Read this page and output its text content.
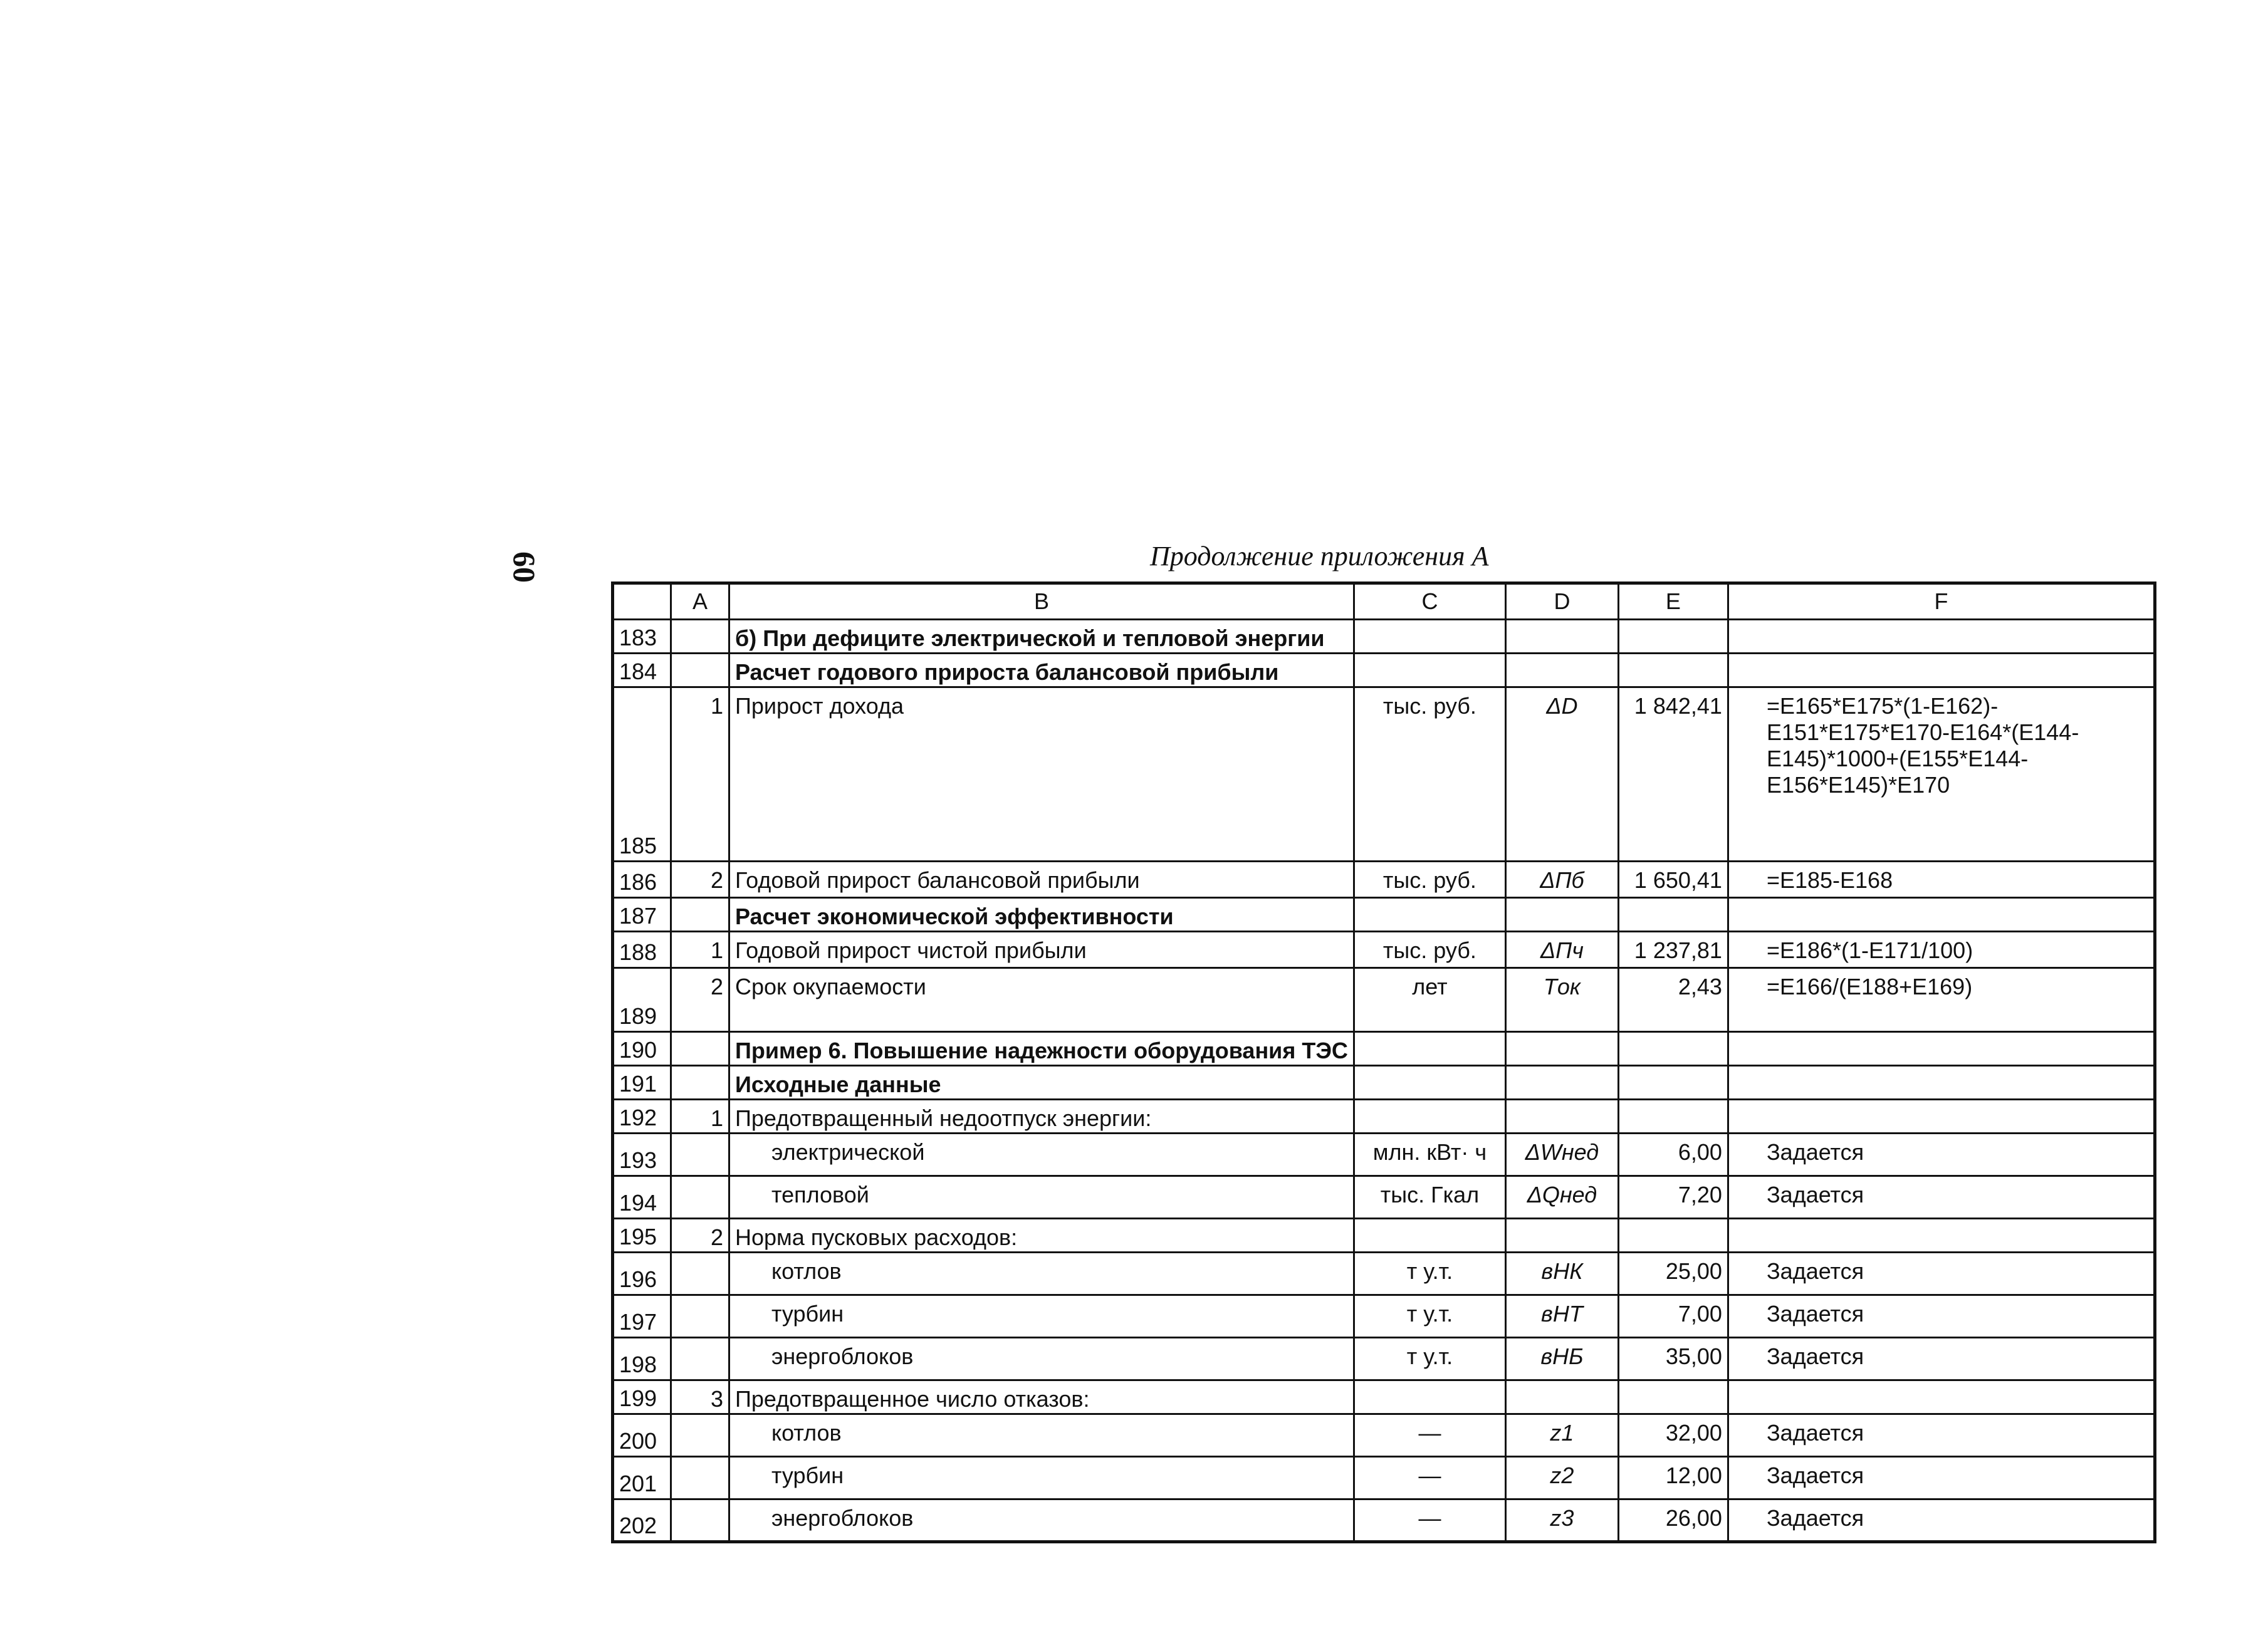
60	Продолжение приложения А
	A	B	C	D	E	F
183		б) При дефиците электрической и тепловой энергии				
184		Расчет годового прироста балансовой прибыли				
185	1	Прирост дохода	тыс. руб.	ΔD	1 842,41	=E165*E175*(1-E162)-
E151*E175*E170-E164*(E144-
E145)*1000+(E155*E144-
E156*E145)*E170
186	2	Годовой прирост балансовой прибыли	тыс. руб.	ΔПб	1 650,41	=E185-E168
187		Расчет экономической эффективности				
188	1	Годовой прирост чистой прибыли	тыс. руб.	ΔПч	1 237,81	=E186*(1-E171/100)
189	2	Срок окупаемости	лет	Tок	2,43	=E166/(E188+E169)
190		Пример 6. Повышение надежности оборудования ТЭС				
191		Исходные данные				
192	1	Предотвращенный недоотпуск энергии:				
193		электрической	млн. кВт· ч	ΔWнед	6,00	Задается
194		тепловой	тыс. Гкал	ΔQнед	7,20	Задается
195	2	Норма пусковых расходов:				
196		котлов	т у.т.	вНК	25,00	Задается
197		турбин	т у.т.	вНТ	7,00	Задается
198		энергоблоков	т у.т.	вНБ	35,00	Задается
199	3	Предотвращенное число отказов:				
200		котлов	—	z1	32,00	Задается
201		турбин	—	z2	12,00	Задается
202		энергоблоков	—	z3	26,00	Задается
